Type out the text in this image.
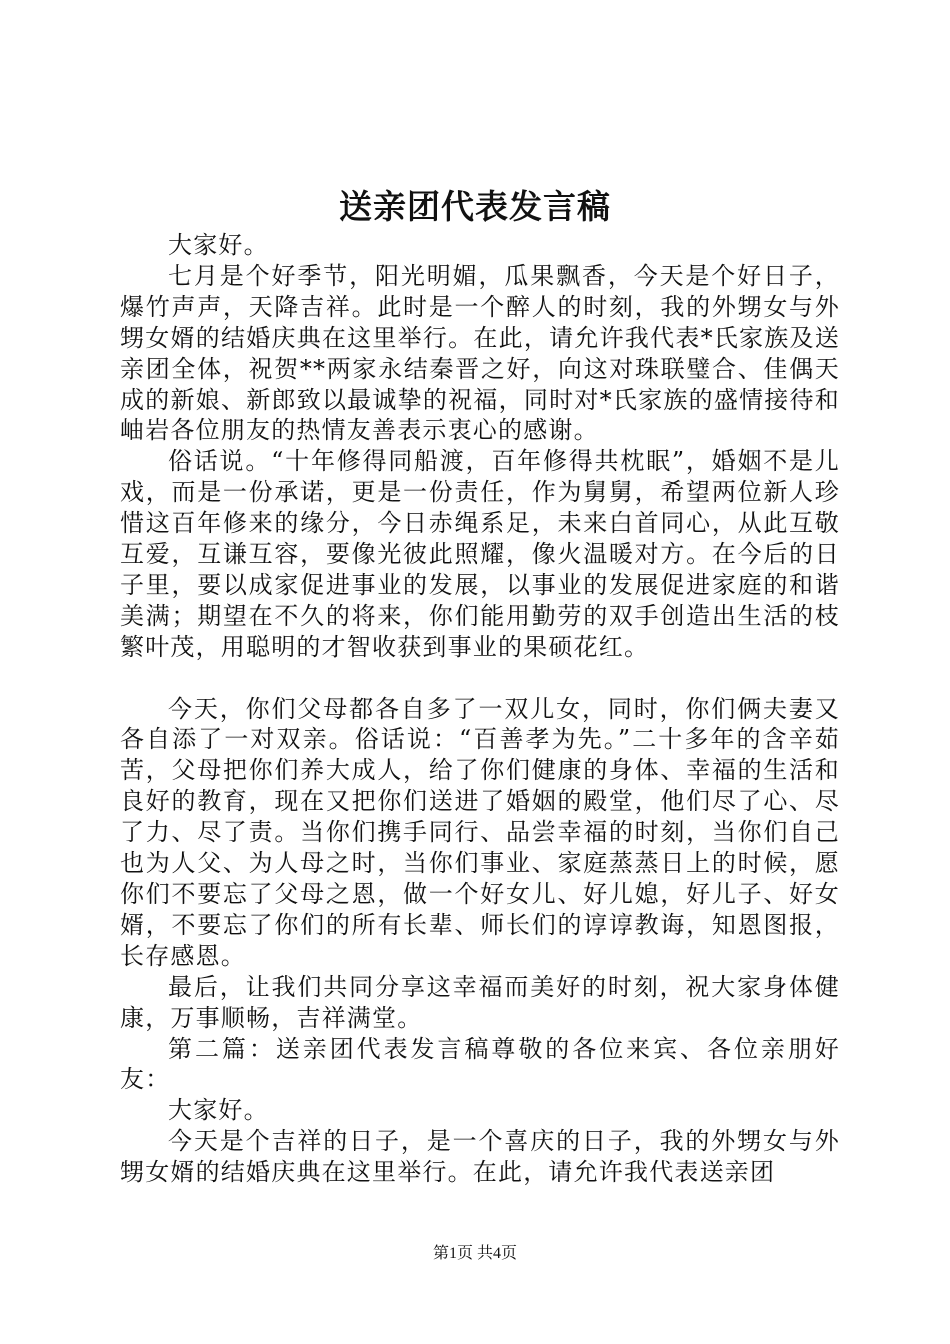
送亲团代表发言稿

大家好。

七月是个好季节，阳光明媚，瓜果飘香，今天是个好日子，爆竹声声，天降吉祥。此时是一个醉人的时刻，我的外甥女与外甥女婿的结婚庆典在这里举行。在此，请允许我代表*氏家族及送亲团全体，祝贺**两家永结秦晋之好，向这对珠联璧合、佳偶天成的新娘、新郎致以最诚挚的祝福，同时对*氏家族的盛情接待和岫岩各位朋友的热情友善表示衷心的感谢。

俗话说。“十年修得同船渡，百年修得共枕眠”，婚姻不是儿戏，而是一份承诺，更是一份责任，作为舅舅，希望两位新人珍惜这百年修来的缘分，今日赤绳系足，未来白首同心，从此互敬互爱，互谦互容，要像光彼此照耀，像火温暖对方。在今后的日子里，要以成家促进事业的发展，以事业的发展促进家庭的和谐美满；期望在不久的将来，你们能用勤劳的双手创造出生活的枝繁叶茂，用聪明的才智收获到事业的果硕花红。

今天，你们父母都各自多了一双儿女，同时，你们俩夫妻又各自添了一对双亲。俗话说：“百善孝为先。”二十多年的含辛茹苦，父母把你们养大成人，给了你们健康的身体、幸福的生活和良好的教育，现在又把你们送进了婚姻的殿堂，他们尽了心、尽了力、尽了责。当你们携手同行、品尝幸福的时刻，当你们自己也为人父、为人母之时，当你们事业、家庭蒸蒸日上的时候，愿你们不要忘了父母之恩，做一个好女儿、好儿媳，好儿子、好女婿，不要忘了你们的所有长辈、师长们的谆谆教诲，知恩图报，长存感恩。

最后，让我们共同分享这幸福而美好的时刻，祝大家身体健康，万事顺畅，吉祥满堂。

第二篇：送亲团代表发言稿尊敬的各位来宾、各位亲朋好友：

大家好。

今天是个吉祥的日子，是一个喜庆的日子，我的外甥女与外甥女婿的结婚庆典在这里举行。在此，请允许我代表送亲团

第1页 共4页
